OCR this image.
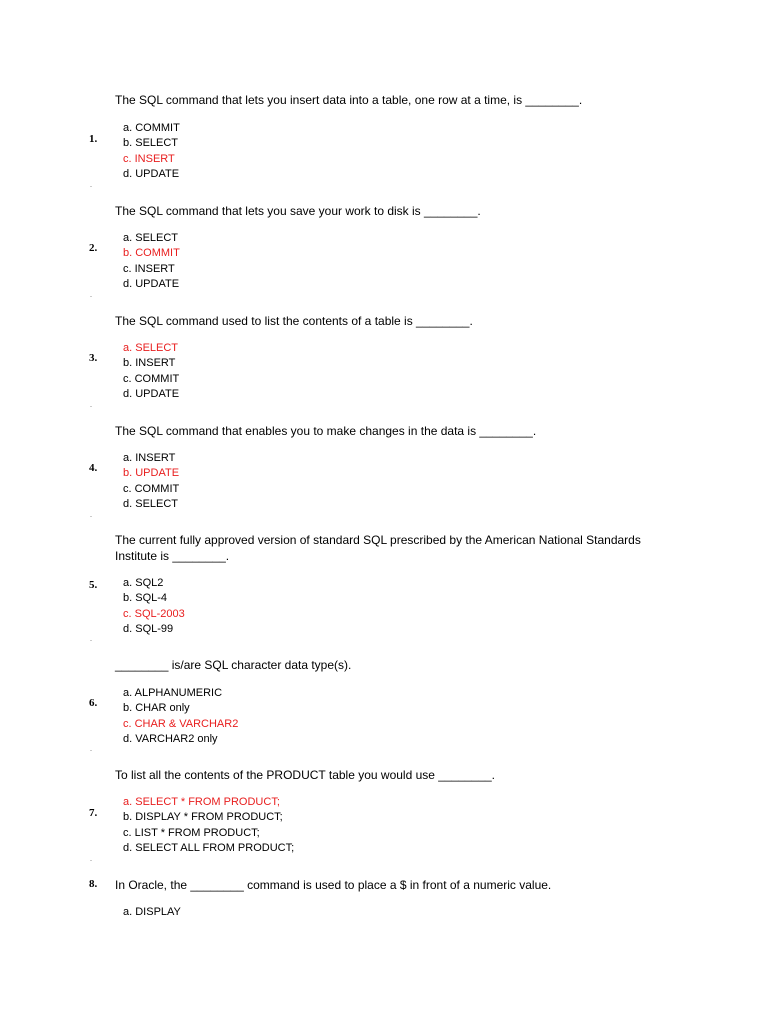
The SQL command that lets you insert data into a table, one row at a time, is ________.
1.
a. COMMIT
b. SELECT
c. INSERT
d. UPDATE
The SQL command that lets you save your work to disk is ________.
2.
a. SELECT
b. COMMIT
c. INSERT
d. UPDATE
The SQL command used to list the contents of a table is ________.
3.
a. SELECT
b. INSERT
c. COMMIT
d. UPDATE
The SQL command that enables you to make changes in the data is ________.
4.
a. INSERT
b. UPDATE
c. COMMIT
d. SELECT
The current fully approved version of standard SQL prescribed by the American National Standards Institute is ________.
5. a. SQL2
b. SQL-4
c. SQL-2003
d. SQL-99
________ is/are SQL character data type(s).
6.
a. ALPHANUMERIC
b. CHAR only
c. CHAR & VARCHAR2
d. VARCHAR2 only
To list all the contents of the PRODUCT table you would use ________.
7.
a. SELECT * FROM PRODUCT;
b. DISPLAY * FROM PRODUCT;
c. LIST * FROM PRODUCT;
d. SELECT ALL FROM PRODUCT;
8. In Oracle, the ________ command is used to place a $ in front of a numeric value.
a. DISPLAY
